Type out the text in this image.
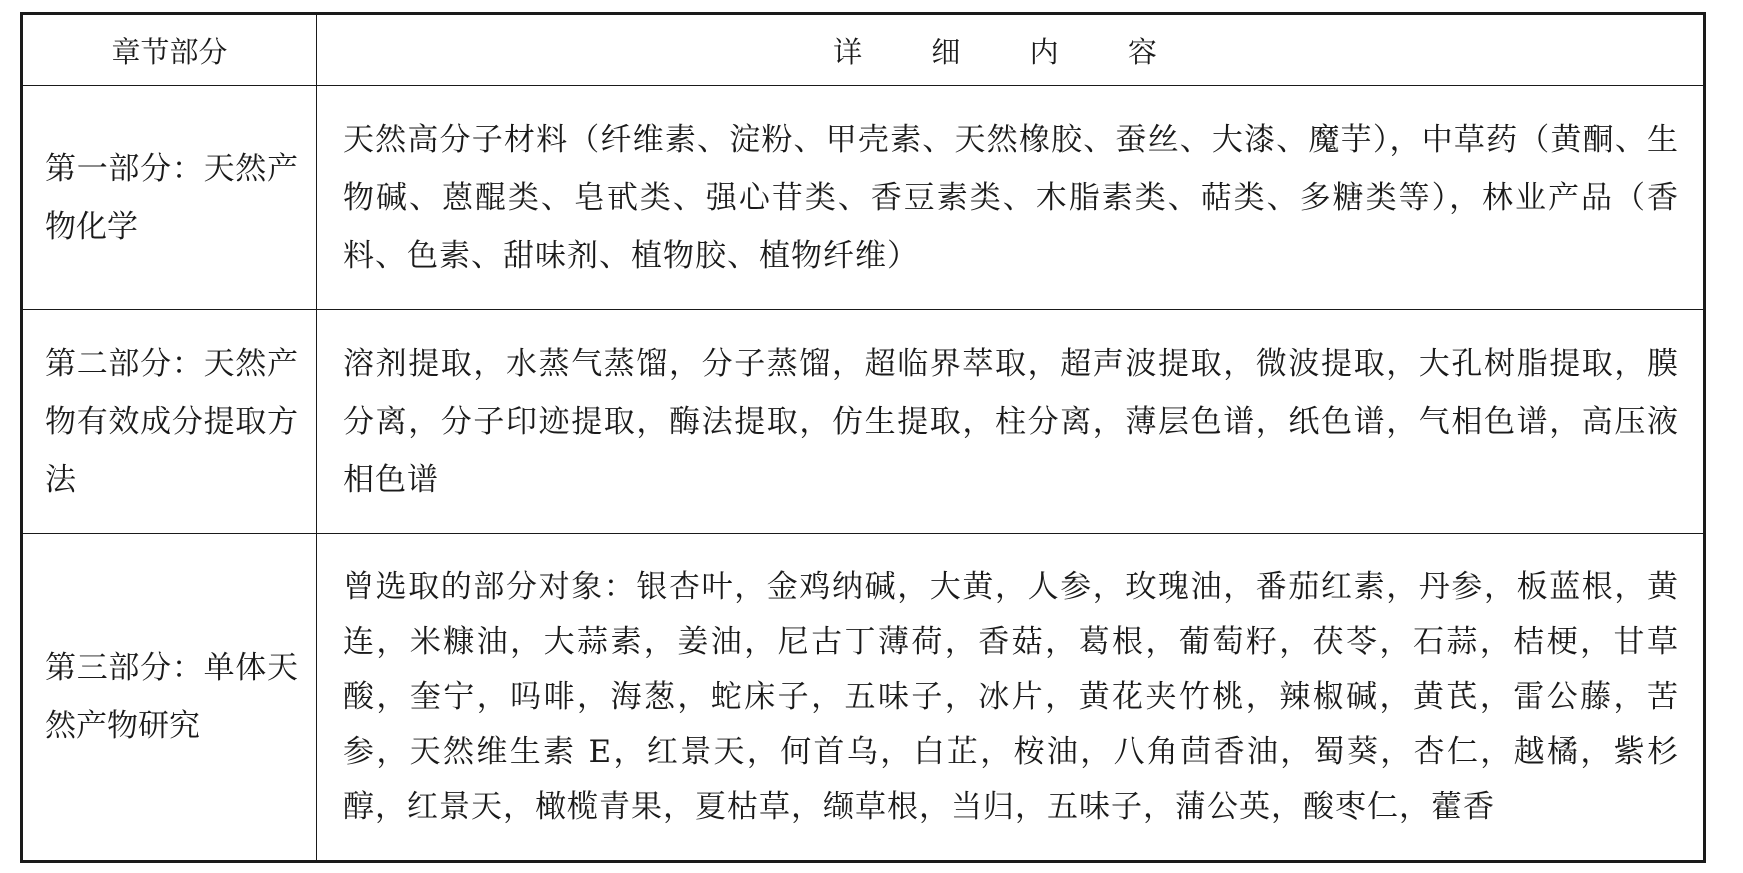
章节部分	详 细 内 容
第一部分：天然产物化学	天然高分子材料（纤维素、淀粉、甲壳素、天然橡胶、蚕丝、大漆、魔芋），中草药（黄酮、生物碱、蒽醌类、皂甙类、强心苷类、香豆素类、木脂素类、萜类、多糖类等），林业产品（香料、色素、甜味剂、植物胶、植物纤维）
第二部分：天然产物有效成分提取方法	溶剂提取，水蒸气蒸馏，分子蒸馏，超临界萃取，超声波提取，微波提取，大孔树脂提取，膜分离，分子印迹提取，酶法提取，仿生提取，柱分离，薄层色谱，纸色谱，气相色谱，高压液相色谱
第三部分：单体天然产物研究	曾选取的部分对象：银杏叶，金鸡纳碱，大黄，人参，玫瑰油，番茄红素，丹参，板蓝根，黄连，米糠油，大蒜素，姜油，尼古丁薄荷，香菇，葛根，葡萄籽，茯苓，石蒜，桔梗，甘草酸，奎宁，吗啡，海葱，蛇床子，五味子，冰片，黄花夹竹桃，辣椒碱，黄芪，雷公藤，苦参，天然维生素 E，红景天，何首乌，白芷，桉油，八角茴香油，蜀葵，杏仁，越橘，紫杉醇，红景天，橄榄青果，夏枯草，缬草根，当归，五味子，蒲公英，酸枣仁，藿香
